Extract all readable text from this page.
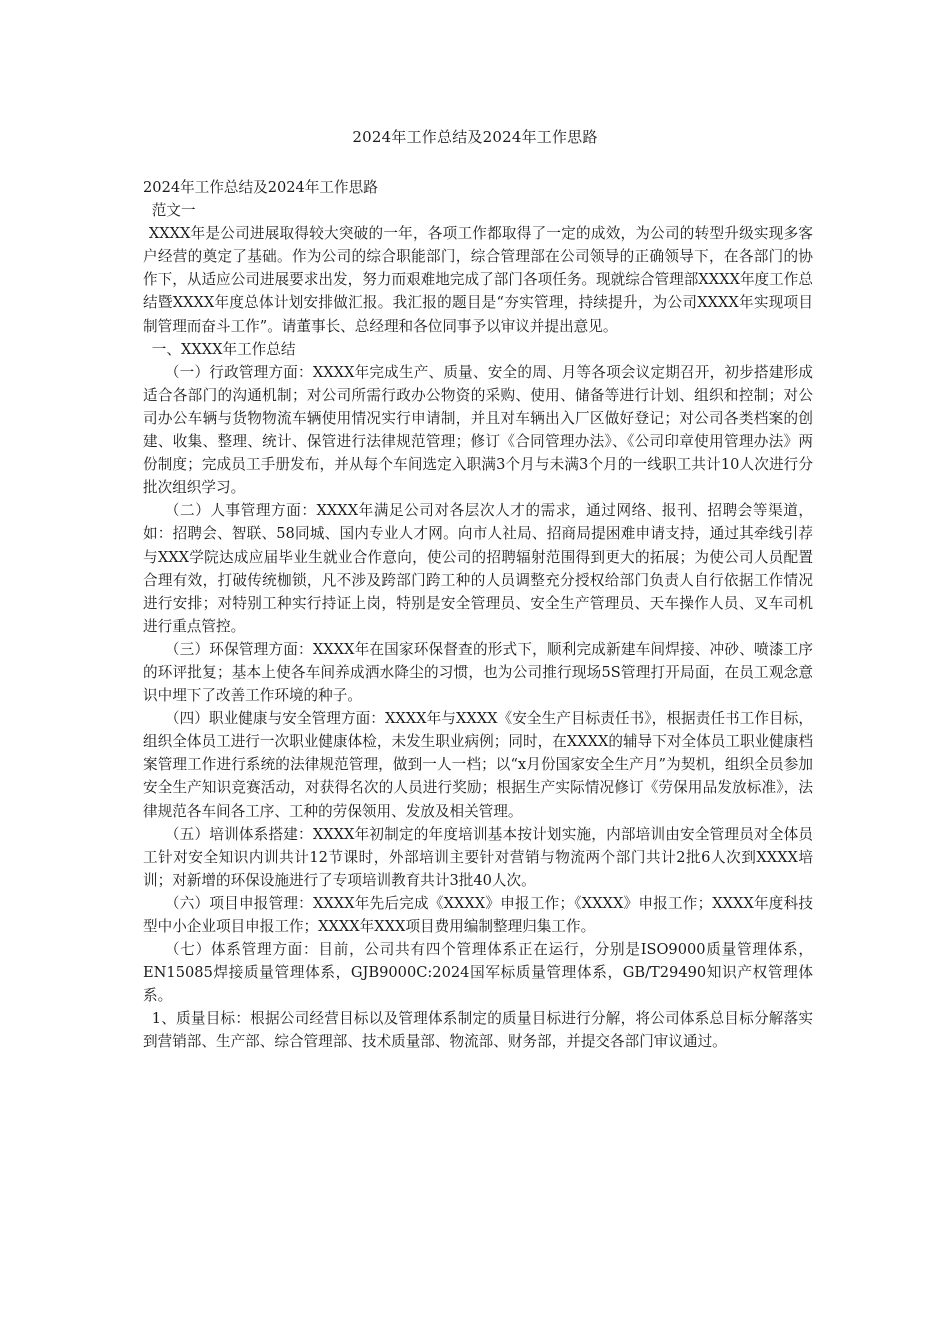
2024年工作总结及2024年工作思路

2024年工作总结及2024年工作思路

范文一

XXXX年是公司进展取得较大突破的一年，各项工作都取得了一定的成效，为公司的转型升级实现多客户经营的奠定了基础。作为公司的综合职能部门，综合管理部在公司领导的正确领导下，在各部门的协作下，从适应公司进展要求出发，努力而艰难地完成了部门各项任务。现就综合管理部XXXX年度工作总结暨XXXX年度总体计划安排做汇报。我汇报的题目是“夯实管理，持续提升，为公司XXXX年实现项目制管理而奋斗工作”。请董事长、总经理和各位同事予以审议并提出意见。

一、XXXX年工作总结

（一）行政管理方面：XXXX年完成生产、质量、安全的周、月等各项会议定期召开，初步搭建形成适合各部门的沟通机制；对公司所需行政办公物资的采购、使用、储备等进行计划、组织和控制；对公司办公车辆与货物物流车辆使用情况实行申请制，并且对车辆出入厂区做好登记；对公司各类档案的创建、收集、整理、统计、保管进行法律规范管理；修订《合同管理办法》、《公司印章使用管理办法》两份制度；完成员工手册发布，并从每个车间选定入职满3个月与未满3个月的一线职工共计10人次进行分批次组织学习。

（二）人事管理方面：XXXX年满足公司对各层次人才的需求，通过网络、报刊、招聘会等渠道，如：招聘会、智联、58同城、国内专业人才网。向市人社局、招商局提困难申请支持，通过其牵线引荐与XXX学院达成应届毕业生就业合作意向，使公司的招聘辐射范围得到更大的拓展；为使公司人员配置合理有效，打破传统枷锁，凡不涉及跨部门跨工种的人员调整充分授权给部门负责人自行依据工作情况进行安排；对特别工种实行持证上岗，特别是安全管理员、安全生产管理员、天车操作人员、叉车司机进行重点管控。

（三）环保管理方面：XXXX年在国家环保督查的形式下，顺利完成新建车间焊接、冲砂、喷漆工序的环评批复；基本上使各车间养成洒水降尘的习惯，也为公司推行现场5S管理打开局面，在员工观念意识中埋下了改善工作环境的种子。

（四）职业健康与安全管理方面：XXXX年与XXXX《安全生产目标责任书》，根据责任书工作目标，组织全体员工进行一次职业健康体检，未发生职业病例；同时，在XXXX的辅导下对全体员工职业健康档案管理工作进行系统的法律规范管理，做到一人一档；以“x月份国家安全生产月”为契机，组织全员参加安全生产知识竞赛活动，对获得名次的人员进行奖励；根据生产实际情况修订《劳保用品发放标准》，法律规范各车间各工序、工种的劳保领用、发放及相关管理。

（五）培训体系搭建：XXXX年初制定的年度培训基本按计划实施，内部培训由安全管理员对全体员工针对安全知识内训共计12节课时，外部培训主要针对营销与物流两个部门共计2批6人次到XXXX培训；对新增的环保设施进行了专项培训教育共计3批40人次。

（六）项目申报管理：XXXX年先后完成《XXXX》申报工作；《XXXX》申报工作；XXXX年度科技型中小企业项目申报工作；XXXX年XXX项目费用编制整理归集工作。

（七）体系管理方面：目前，公司共有四个管理体系正在运行，分别是ISO9000质量管理体系，EN15085焊接质量管理体系，GJB9000C:2024国军标质量管理体系，GB/T29490知识产权管理体系。

1、质量目标：根据公司经营目标以及管理体系制定的质量目标进行分解，将公司体系总目标分解落实到营销部、生产部、综合管理部、技术质量部、物流部、财务部，并提交各部门审议通过。
